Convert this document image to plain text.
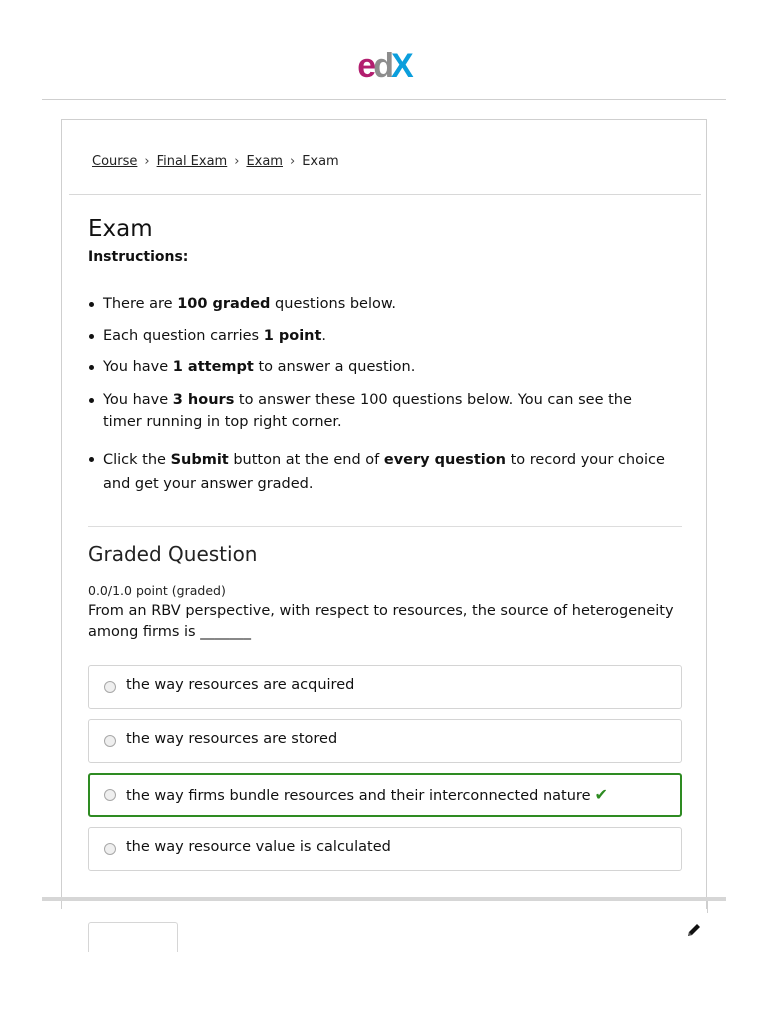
edX
Course › Final Exam › Exam › Exam
Exam
Instructions:
There are 100 graded questions below.
Each question carries 1 point.
You have 1 attempt to answer a question.
You have 3 hours to answer these 100 questions below. You can see the timer running in top right corner.
Click the Submit button at the end of every question to record your choice and get your answer graded.
Graded Question
0.0/1.0 point (graded)
From an RBV perspective, with respect to resources, the source of heterogeneity among firms is _______
the way resources are acquired
the way resources are stored
the way firms bundle resources and their interconnected nature ✔
the way resource value is calculated
